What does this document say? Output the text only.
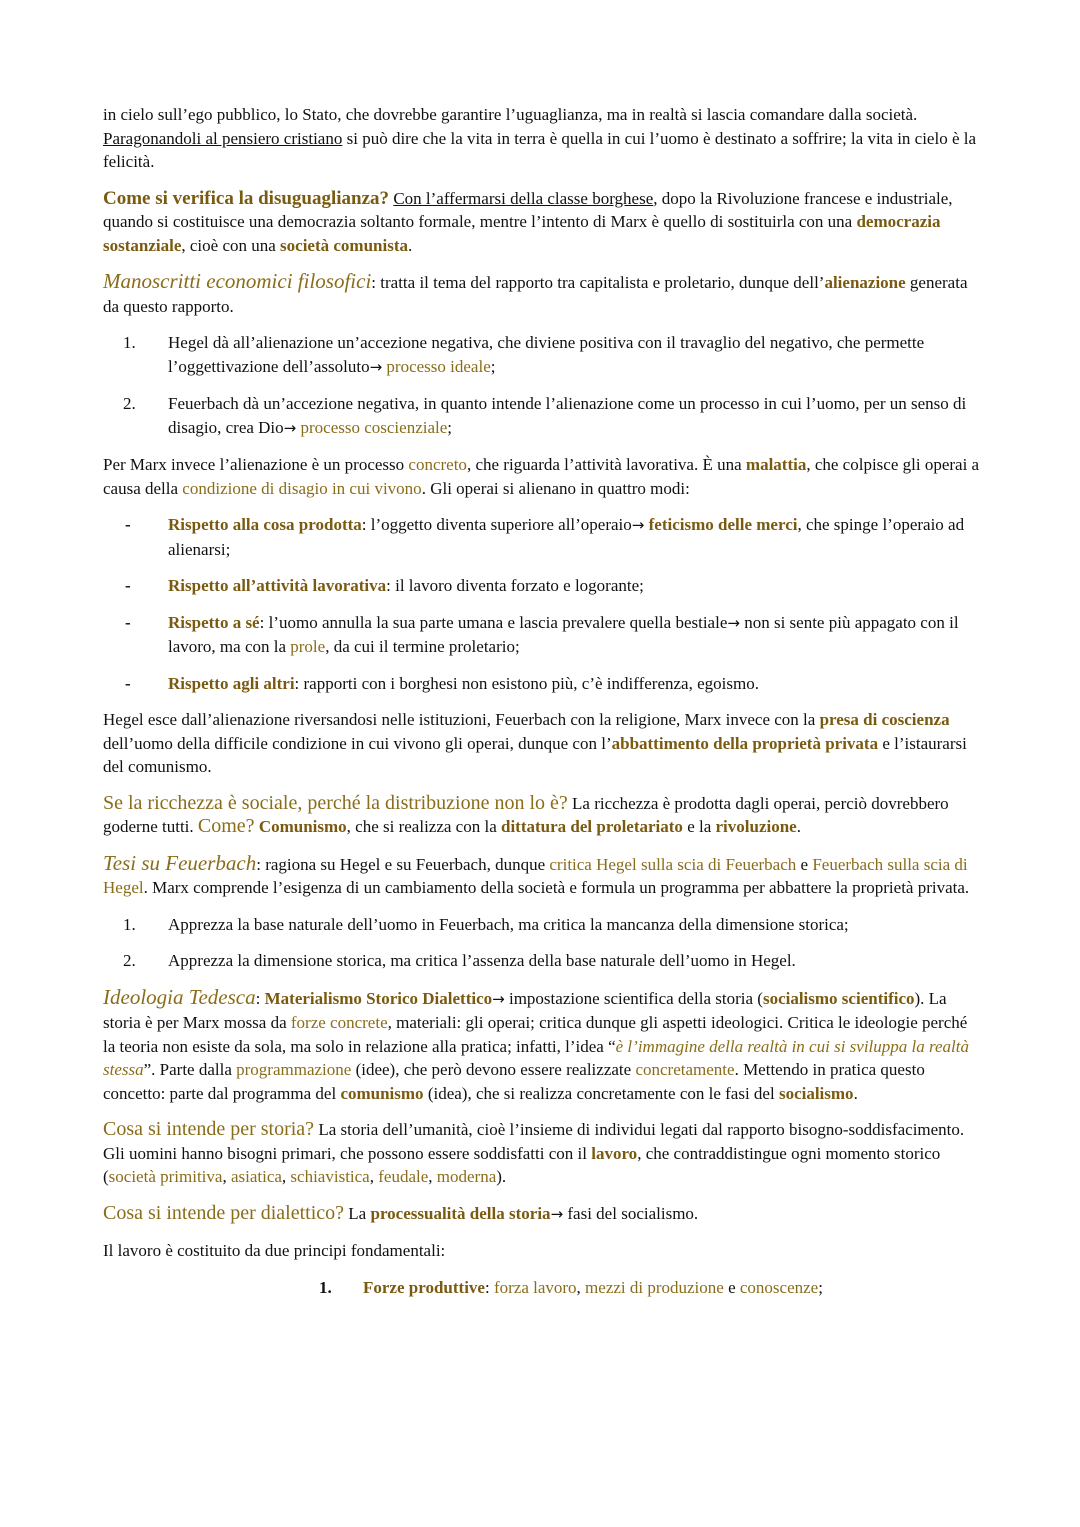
in cielo sull’ego pubblico, lo Stato, che dovrebbe garantire l’uguaglianza, ma in realtà si lascia comandare dalla società. Paragonandoli al pensiero cristiano si può dire che la vita in terra è quella in cui l’uomo è destinato a soffrire; la vita in cielo è la felicità.

Come si verifica la disuguaglianza? Con l’affermarsi della classe borghese, dopo la Rivoluzione francese e industriale, quando si costituisce una democrazia soltanto formale, mentre l’intento di Marx è quello di sostituirla con una democrazia sostanziale, cioè con una società comunista.

Manoscritti economici filosofici: tratta il tema del rapporto tra capitalista e proletario, dunque dell’alienazione generata da questo rapporto.

1.	Hegel dà all’alienazione un’accezione negativa, che diviene positiva con il travaglio del negativo, che permette l’oggettivazione dell’assoluto→ processo ideale;
2.	Feuerbach dà un’accezione negativa, in quanto intende l’alienazione come un processo in cui l’uomo, per un senso di disagio, crea Dio→ processo coscienziale;

Per Marx invece l’alienazione è un processo concreto, che riguarda l’attività lavorativa. È una malattia, che colpisce gli operai a causa della condizione di disagio in cui vivono. Gli operai si alienano in quattro modi:

-	Rispetto alla cosa prodotta: l’oggetto diventa superiore all’operaio→ feticismo delle merci, che spinge l’operaio ad alienarsi;
-	Rispetto all’attività lavorativa: il lavoro diventa forzato e logorante;
-	Rispetto a sé: l’uomo annulla la sua parte umana e lascia prevalere quella bestiale→ non si sente più appagato con il lavoro, ma con la prole, da cui il termine proletario;
-	Rispetto agli altri: rapporti con i borghesi non esistono più, c’è indifferenza, egoismo.

Hegel esce dall’alienazione riversandosi nelle istituzioni, Feuerbach con la religione, Marx invece con la presa di coscienza dell’uomo della difficile condizione in cui vivono gli operai, dunque con l’abbattimento della proprietà privata e l’istaurarsi del comunismo.

Se la ricchezza è sociale, perché la distribuzione non lo è? La ricchezza è prodotta dagli operai, perciò dovrebbero goderne tutti. Come? Comunismo, che si realizza con la dittatura del proletariato e la rivoluzione.

Tesi su Feuerbach: ragiona su Hegel e su Feuerbach, dunque critica Hegel sulla scia di Feuerbach e Feuerbach sulla scia di Hegel. Marx comprende l’esigenza di un cambiamento della società e formula un programma per abbattere la proprietà privata.

1.	Apprezza la base naturale dell’uomo in Feuerbach, ma critica la mancanza della dimensione storica;
2.	Apprezza la dimensione storica, ma critica l’assenza della base naturale dell’uomo in Hegel.

Ideologia Tedesca: Materialismo Storico Dialettico→ impostazione scientifica della storia (socialismo scientifico). La storia è per Marx mossa da forze concrete, materiali: gli operai; critica dunque gli aspetti ideologici. Critica le ideologie perché la teoria non esiste da sola, ma solo in relazione alla pratica; infatti, l’idea “è l’immagine della realtà in cui si sviluppa la realtà stessa”. Parte dalla programmazione (idee), che però devono essere realizzate concretamente. Mettendo in pratica questo concetto: parte dal programma del comunismo (idea), che si realizza concretamente con le fasi del socialismo.

Cosa si intende per storia? La storia dell’umanità, cioè l’insieme di individui legati dal rapporto bisogno-soddisfacimento. Gli uomini hanno bisogni primari, che possono essere soddisfatti con il lavoro, che contraddistingue ogni momento storico (società primitiva, asiatica, schiavistica, feudale, moderna).

Cosa si intende per dialettico? La processualità della storia→ fasi del socialismo.

Il lavoro è costituito da due principi fondamentali:

1.	Forze produttive: forza lavoro, mezzi di produzione e conoscenze;
